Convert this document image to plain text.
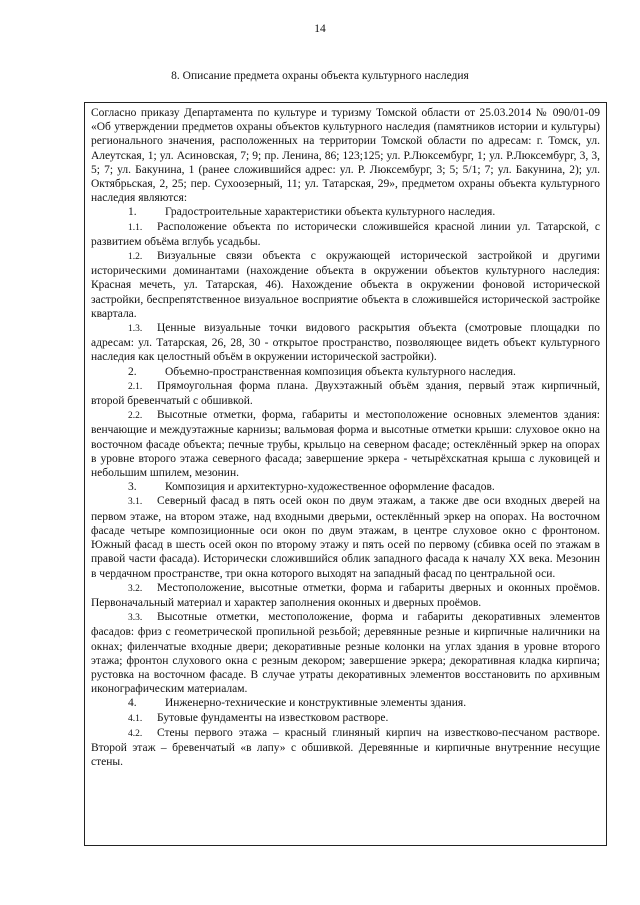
14
8. Описание предмета охраны объекта культурного наследия

Согласно приказу Департамента по культуре и туризму Томской области от 25.03.2014 № 090/01-09 «Об утверждении предметов охраны объектов культурного наследия (памятников истории и культуры) регионального значения, расположенных на территории Томской области по адресам: г. Томск, ул. Алеутская, 1; ул. Асиновская, 7; 9; пр. Ленина, 86; 123;125; ул. Р.Люксембург, 1; ул. Р.Люксембург, 3, 3, 5; 7; ул. Бакунина, 1 (ранее сложившийся адрес: ул. Р. Люксембург, 3; 5; 5/1; 7; ул. Бакунина, 2); ул. Октябрьская, 2, 25; пер. Сухоозерный, 11; ул. Татарская, 29», предметом охраны объекта культурного наследия являются:

1. Градостроительные характеристики объекта культурного наследия.

1.1. Расположение объекта по исторически сложившейся красной линии ул. Татарской, с развитием объёма вглубь усадьбы.

1.2. Визуальные связи объекта с окружающей исторической застройкой и другими историческими доминантами (нахождение объекта в окружении объектов культурного наследия: Красная мечеть, ул. Татарская, 46). Нахождение объекта в окружении фоновой исторической застройки, беспрепятственное визуальное восприятие объекта в сложившейся исторической застройке квартала.

1.3. Ценные визуальные точки видового раскрытия объекта (смотровые площадки по адресам: ул. Татарская, 26, 28, 30 - открытое пространство, позволяющее видеть объект культурного наследия как целостный объём в окружении исторической застройки).

2. Объемно-пространственная композиция объекта культурного наследия.

2.1. Прямоугольная форма плана. Двухэтажный объём здания, первый этаж кирпичный, второй бревенчатый с обшивкой.

2.2. Высотные отметки, форма, габариты и местоположение основных элементов здания: венчающие и междуэтажные карнизы; вальмовая форма и высотные отметки крыши: слуховое окно на восточном фасаде объекта; печные трубы, крыльцо на северном фасаде; остеклённый эркер на опорах в уровне второго этажа северного фасада; завершение эркера - четырёхскатная крыша с луковицей и небольшим шпилем, мезонин.

3. Композиция и архитектурно-художественное оформление фасадов.

3.1. Северный фасад в пять осей окон по двум этажам, а также две оси входных дверей на первом этаже, на втором этаже, над входными дверьми, остеклённый эркер на опорах. На восточном фасаде четыре композиционные оси окон по двум этажам, в центре слуховое окно с фронтоном. Южный фасад в шесть осей окон по второму этажу и пять осей по первому (сбивка осей по этажам в правой части фасада). Исторически сложившийся облик западного фасада к началу XX века. Мезонин в чердачном пространстве, три окна которого выходят на западный фасад по центральной оси.

3.2. Местоположение, высотные отметки, форма и габариты дверных и оконных проёмов. Первоначальный материал и характер заполнения оконных и дверных проёмов.

3.3. Высотные отметки, местоположение, форма и габариты декоративных элементов фасадов: фриз с геометрической пропильной резьбой; деревянные резные и кирпичные наличники на окнах; филенчатые входные двери; декоративные резные колонки на углах здания в уровне второго этажа; фронтон слухового окна с резным декором; завершение эркера; декоративная кладка кирпича; рустовка на восточном фасаде. В случае утраты декоративных элементов восстановить по архивным иконографическим материалам.

4. Инженерно-технические и конструктивные элементы здания.

4.1. Бутовые фундаменты на известковом растворе.

4.2. Стены первого этажа – красный глиняный кирпич на известково-песчаном растворе. Второй этаж – бревенчатый «в лапу» с обшивкой. Деревянные и кирпичные внутренние несущие стены.
